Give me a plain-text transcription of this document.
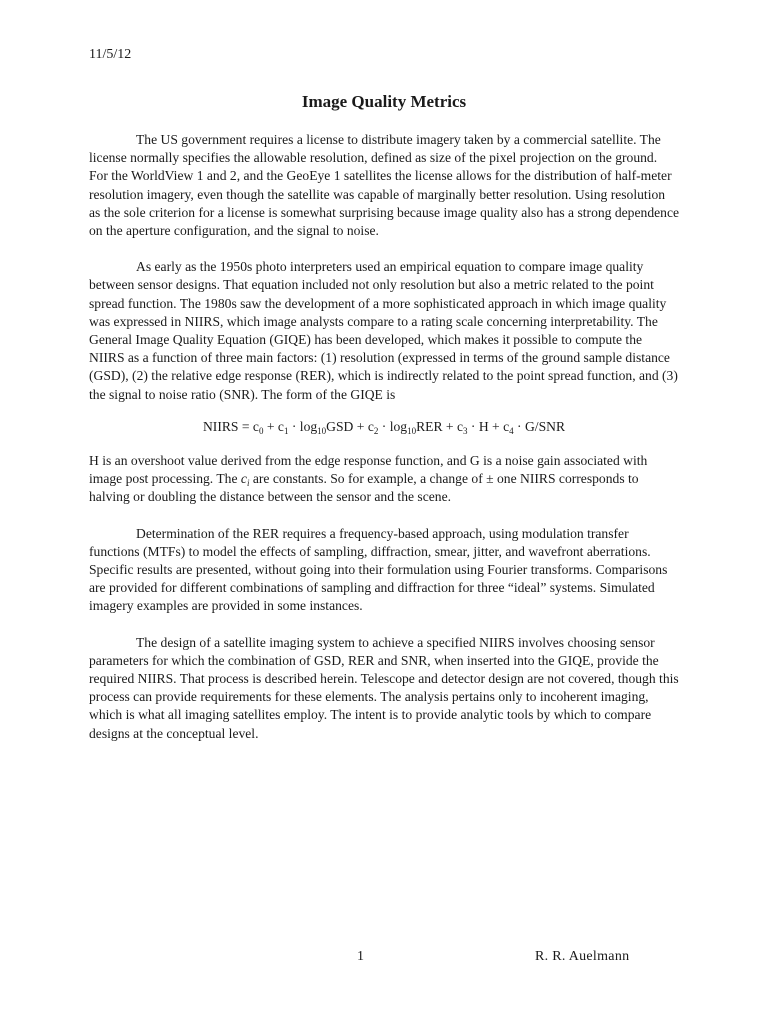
11/5/12
Image Quality Metrics

The US government requires a license to distribute imagery taken by a commercial satellite. The license normally specifies the allowable resolution, defined as size of the pixel projection on the ground. For the WorldView 1 and 2, and the GeoEye 1 satellites the license allows for the distribution of half-meter resolution imagery, even though the satellite was capable of marginally better resolution. Using resolution as the sole criterion for a license is somewhat surprising because image quality also has a strong dependence on the aperture configuration, and the signal to noise.

As early as the 1950s photo interpreters used an empirical equation to compare image quality between sensor designs. That equation included not only resolution but also a metric related to the point spread function. The 1980s saw the development of a more sophisticated approach in which image quality was expressed in NIIRS, which image analysts compare to a rating scale concerning interpretability. The General Image Quality Equation (GIQE) has been developed, which makes it possible to compute the NIIRS as a function of three main factors: (1) resolution (expressed in terms of the ground sample distance (GSD), (2) the relative edge response (RER), which is indirectly related to the point spread function, and (3) the signal to noise ratio (SNR). The form of the GIQE is

NIIRS = $c_0 + c_1 \cdot \log_{10}GSD + c_2 \cdot \log_{10}RER + c_3 \cdot H + c_4 \cdot G/SNR$

H is an overshoot value derived from the edge response function, and G is a noise gain associated with image post processing. The $c_i$ are constants. So for example, a change of ± one NIIRS corresponds to halving or doubling the distance between the sensor and the scene.

Determination of the RER requires a frequency-based approach, using modulation transfer functions (MTFs) to model the effects of sampling, diffraction, smear, jitter, and wavefront aberrations. Specific results are presented, without going into their formulation using Fourier transforms. Comparisons are provided for different combinations of sampling and diffraction for three “ideal” systems. Simulated imagery examples are provided in some instances.

The design of a satellite imaging system to achieve a specified NIIRS involves choosing sensor parameters for which the combination of GSD, RER and SNR, when inserted into the GIQE, provide the required NIIRS. That process is described herein. Telescope and detector design are not covered, though this process can provide requirements for these elements. The analysis pertains only to incoherent imaging, which is what all imaging satellites employ. The intent is to provide analytic tools by which to compare designs at the conceptual level.

1	R. R. Auelmann
